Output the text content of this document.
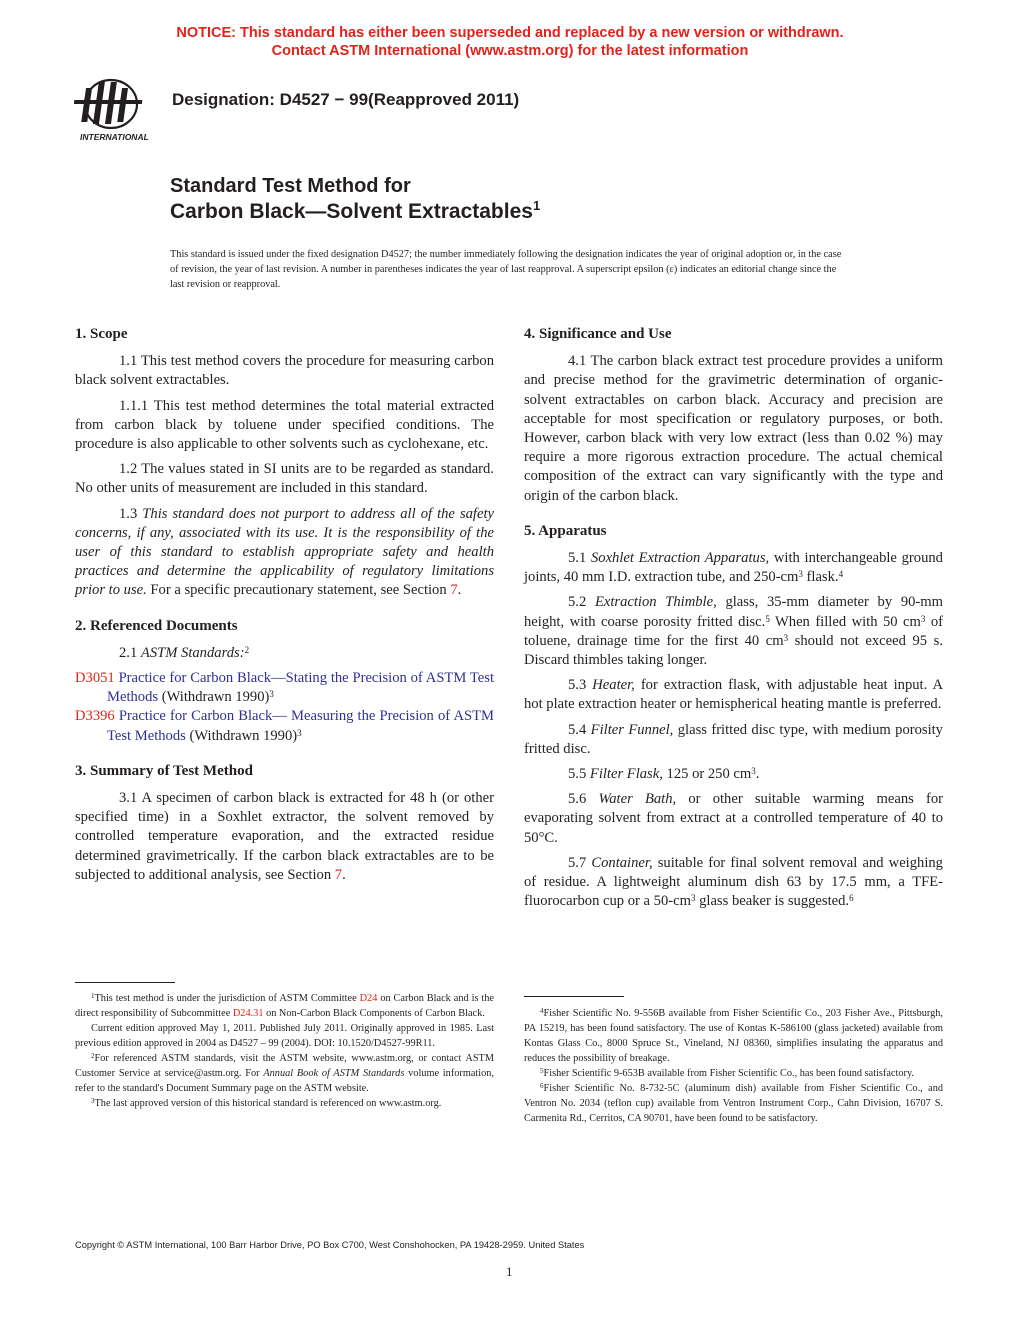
NOTICE: This standard has either been superseded and replaced by a new version or withdrawn.
Contact ASTM International (www.astm.org) for the latest information
INTERNATIONAL
Designation: D4527 − 99(Reapproved 2011)
Standard Test Method for
Carbon Black—Solvent Extractables$^1$
This standard is issued under the fixed designation D4527; the number immediately following the designation indicates the year of original adoption or, in the case of revision, the year of last revision. A number in parentheses indicates the year of last reapproval. A superscript epsilon (ε) indicates an editorial change since the last revision or reapproval.
1. Scope

1.1 This test method covers the procedure for measuring carbon black solvent extractables.

1.1.1 This test method determines the total material extracted from carbon black by toluene under specified conditions. The procedure is also applicable to other solvents such as cyclohexane, etc.

1.2 The values stated in SI units are to be regarded as standard. No other units of measurement are included in this standard.

1.3 This standard does not purport to address all of the safety concerns, if any, associated with its use. It is the responsibility of the user of this standard to establish appropriate safety and health practices and determine the applicability of regulatory limitations prior to use. For a specific precautionary statement, see Section 7.

2. Referenced Documents

2.1 ASTM Standards:$^2$

D3051 Practice for Carbon Black—Stating the Precision of ASTM Test Methods (Withdrawn 1990)$^3$
D3396 Practice for Carbon Black— Measuring the Precision of ASTM Test Methods (Withdrawn 1990)$^3$
3. Summary of Test Method

3.1 A specimen of carbon black is extracted for 48 h (or other specified time) in a Soxhlet extractor, the solvent removed by controlled temperature evaporation, and the extracted residue determined gravimetrically. If the carbon black extractables are to be subjected to additional analysis, see Section 7.

4. Significance and Use

4.1 The carbon black extract test procedure provides a uniform and precise method for the gravimetric determination of organic-solvent extractables on carbon black. Accuracy and precision are acceptable for most specification or regulatory purposes, or both. However, carbon black with very low extract (less than 0.02 %) may require a more rigorous extraction procedure. The actual chemical composition of the extract can vary significantly with the type and origin of the carbon black.

5. Apparatus

5.1 Soxhlet Extraction Apparatus, with interchangeable ground joints, 40 mm I.D. extraction tube, and $250-cm^3$ flask.$^4$

5.2 Extraction Thimble, glass, 35-mm diameter by 90-mm height, with coarse porosity fritted disc.$^5$ When filled with 50 $cm^3$ of toluene, drainage time for the first 40 $cm^3$ should not exceed 95 s. Discard thimbles taking longer.

5.3 Heater, for extraction flask, with adjustable heat input. A hot plate extraction heater or hemispherical heating mantle is preferred.

5.4 Filter Funnel, glass fritted disc type, with medium porosity fritted disc.

5.5 Filter Flask, 125 or 250 $cm^3$.

5.6 Water Bath, or other suitable warming means for evaporating solvent from extract at a controlled temperature of 40 to 50°C.

5.7 Container, suitable for final solvent removal and weighing of residue. A lightweight aluminum dish 63 by 17.5 mm, a TFE-fluorocarbon cup or a $50-cm^3$ glass beaker is suggested.$^6$

$^1$This test method is under the jurisdiction of ASTM Committee D24 on Carbon Black and is the direct responsibility of Subcommittee D24.31 on Non-Carbon Black Components of Carbon Black.

Current edition approved May 1, 2011. Published July 2011. Originally approved in 1985. Last previous edition approved in 2004 as D4527 – 99 (2004). DOI: 10.1520/D4527-99R11.

$^2$For referenced ASTM standards, visit the ASTM website, www.astm.org, or contact ASTM Customer Service at service@astm.org. For Annual Book of ASTM Standards volume information, refer to the standard's Document Summary page on the ASTM website.

$^3$The last approved version of this historical standard is referenced on www.astm.org.

$^4$Fisher Scientific No. 9-556B available from Fisher Scientific Co., 203 Fisher Ave., Pittsburgh, PA 15219, has been found satisfactory. The use of Kontas K-586100 (glass jacketed) available from Kontas Glass Co., 8000 Spruce St., Vineland, NJ 08360, simplifies insulating the apparatus and reduces the possibility of breakage.

$^5$Fisher Scientific 9-653B available from Fisher Scientific Co., has been found satisfactory.

$^6$Fisher Scientific No. 8-732-5C (aluminum dish) available from Fisher Scientific Co., and Ventron No. 2034 (teflon cup) available from Ventron Instrument Corp., Cahn Division, 16707 S. Carmenita Rd., Cerritos, CA 90701, have been found to be satisfactory.

Copyright © ASTM International, 100 Barr Harbor Drive, PO Box C700, West Conshohocken, PA 19428-2959. United States
1
